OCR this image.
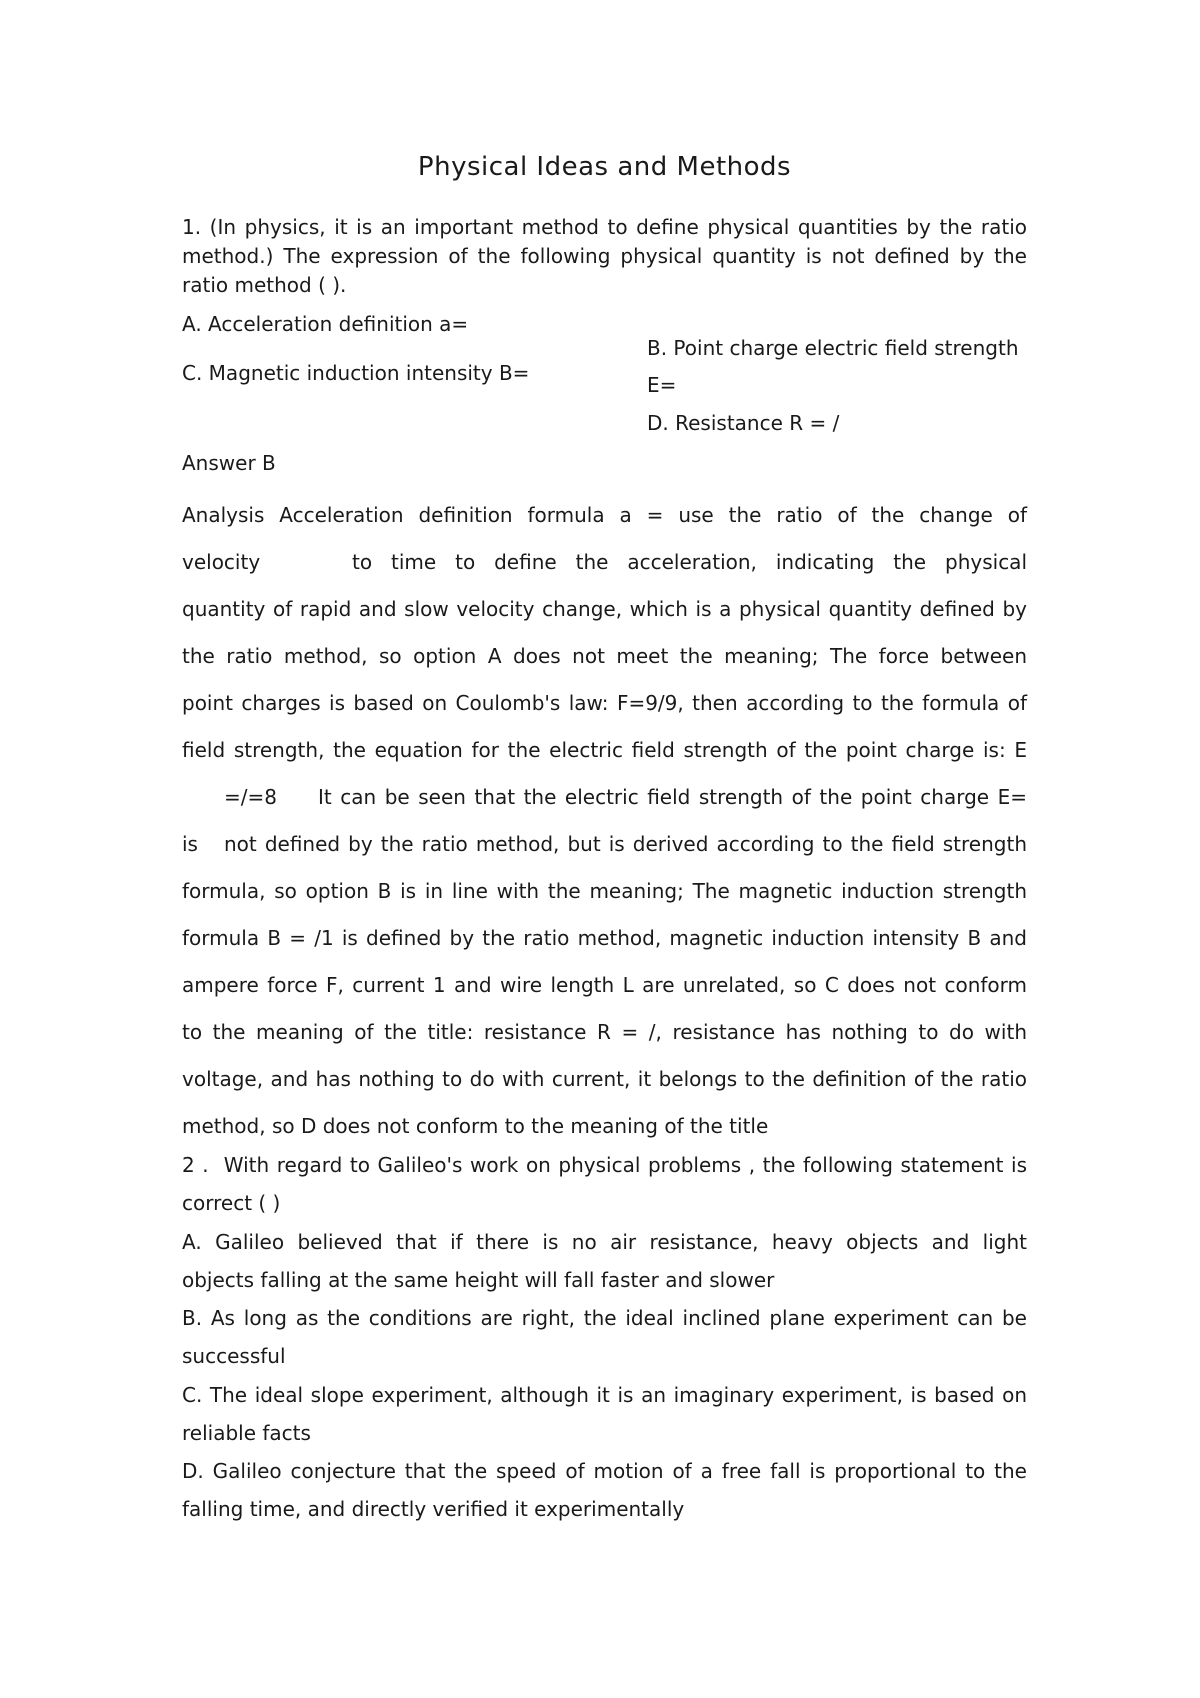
Physical Ideas and Methods
1. (In physics, it is an important method to define physical quantities by the ratio
method.) The expression of the following physical quantity is not defined by the
ratio method ( ).
A. Acceleration definition a=
C. Magnetic induction intensity B=
B. Point charge electric field strength
E=
D. Resistance R = /
Answer B
Analysis Acceleration definition formula a = use the ratio of the change of
velocity	to time to define the acceleration, indicating the physical
quantity of rapid and slow velocity change, which is a physical quantity defined by
the ratio method, so option A does not meet the meaning; The force between
point charges is based on Coulomb's law: F=9/9, then according to the formula of
field strength, the equation for the electric field strength of the point charge is: E
=/=8 It can be seen that the electric field strength of the point charge E=
is not defined by the ratio method, but is derived according to the field strength
formula, so option B is in line with the meaning; The magnetic induction strength
formula B = /1 is defined by the ratio method, magnetic induction intensity B and
ampere force F, current 1 and wire length L are unrelated, so C does not conform
to the meaning of the title: resistance R = /, resistance has nothing to do with
voltage, and has nothing to do with current, it belongs to the definition of the ratio
method, so D does not conform to the meaning of the title
2 .  With regard to Galileo's work on physical problems , the following statement is
correct ( )
A. Galileo believed that if there is no air resistance, heavy objects and light
objects falling at the same height will fall faster and slower
B. As long as the conditions are right, the ideal inclined plane experiment can be
successful
C. The ideal slope experiment, although it is an imaginary experiment, is based on
reliable facts
D. Galileo conjecture that the speed of motion of a free fall is proportional to the
falling time, and directly verified it experimentally
